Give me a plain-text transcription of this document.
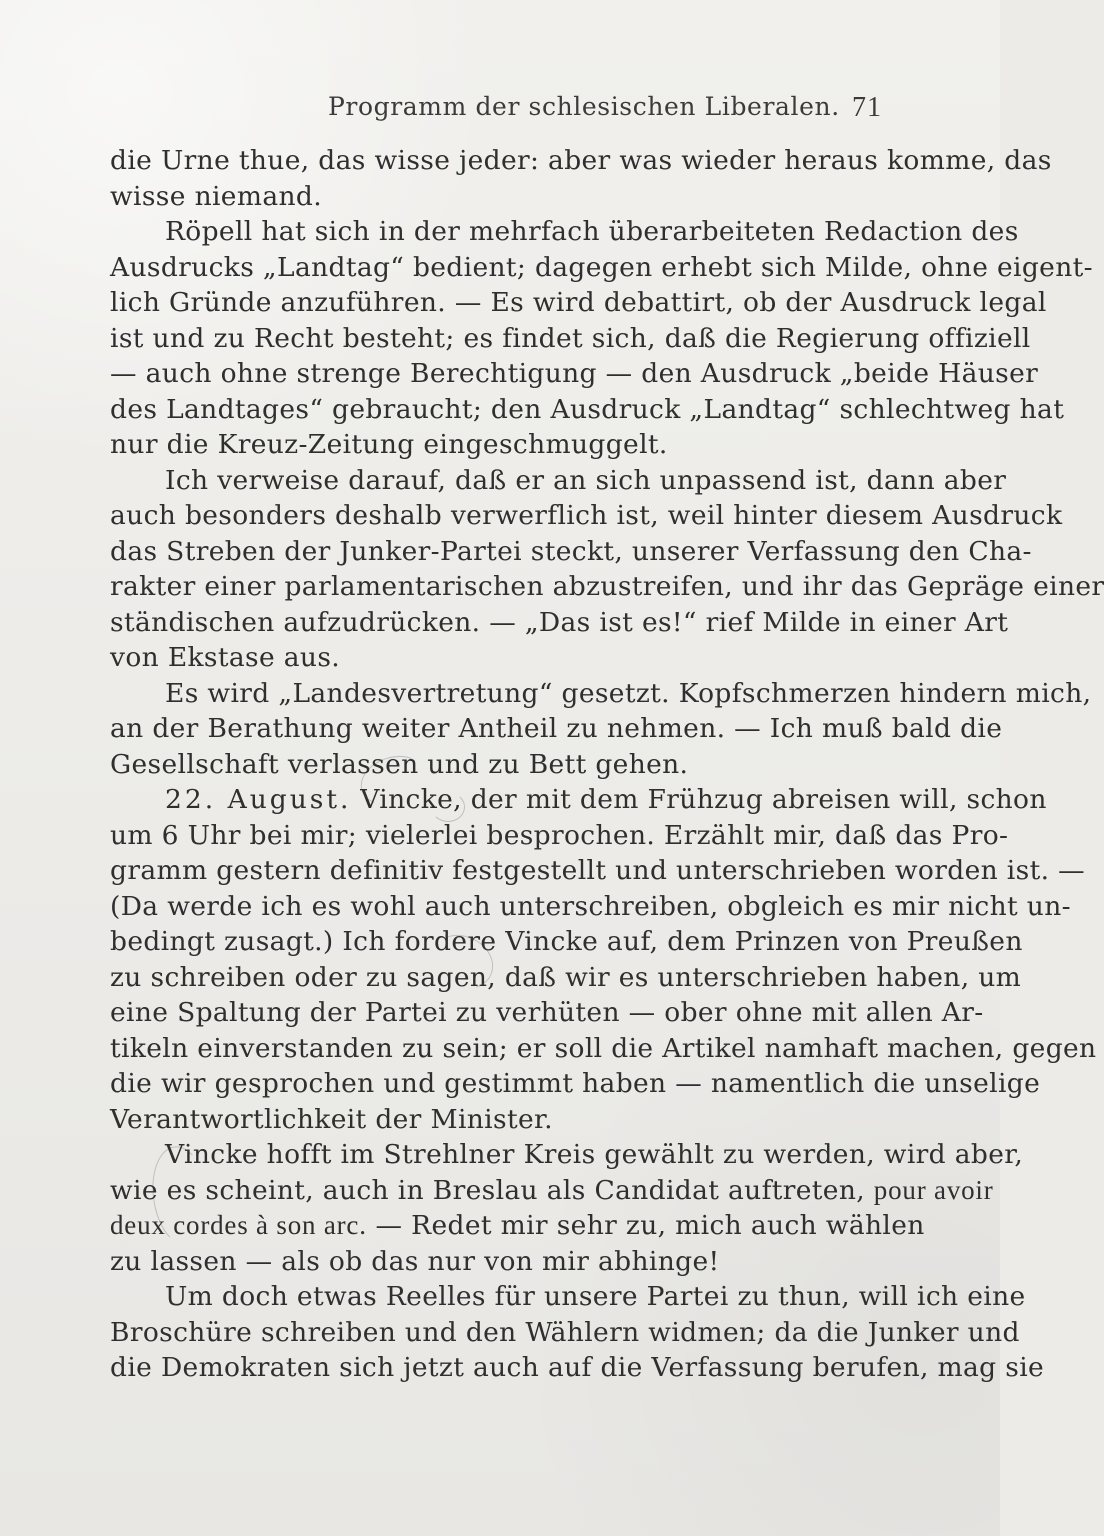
Programm der schlesischen Liberalen. 71
die Urne thue, das wisse jeder: aber was wieder heraus komme, das
wisse niemand.
Röpell hat sich in der mehrfach überarbeiteten Redaction des
Ausdrucks „Landtag“ bedient; dagegen erhebt sich Milde, ohne eigent-
lich Gründe anzuführen. — Es wird debattirt, ob der Ausdruck legal
ist und zu Recht besteht; es findet sich, daß die Regierung offiziell
— auch ohne strenge Berechtigung — den Ausdruck „beide Häuser
des Landtages“ gebraucht; den Ausdruck „Landtag“ schlechtweg hat
nur die Kreuz-Zeitung eingeschmuggelt.
Ich verweise darauf, daß er an sich unpassend ist, dann aber
auch besonders deshalb verwerflich ist, weil hinter diesem Ausdruck
das Streben der Junker-Partei steckt, unserer Verfassung den Cha-
rakter einer parlamentarischen abzustreifen, und ihr das Gepräge einer
ständischen aufzudrücken. — „Das ist es!“ rief Milde in einer Art
von Ekstase aus.
Es wird „Landesvertretung“ gesetzt. Kopfschmerzen hindern mich,
an der Berathung weiter Antheil zu nehmen. — Ich muß bald die
Gesellschaft verlassen und zu Bett gehen.
22. August. Vincke, der mit dem Frühzug abreisen will, schon
um 6 Uhr bei mir; vielerlei besprochen. Erzählt mir, daß das Pro-
gramm gestern definitiv festgestellt und unterschrieben worden ist. —
(Da werde ich es wohl auch unterschreiben, obgleich es mir nicht un-
bedingt zusagt.) Ich fordere Vincke auf, dem Prinzen von Preußen
zu schreiben oder zu sagen, daß wir es unterschrieben haben, um
eine Spaltung der Partei zu verhüten — ober ohne mit allen Ar-
tikeln einverstanden zu sein; er soll die Artikel namhaft machen, gegen
die wir gesprochen und gestimmt haben — namentlich die unselige
Verantwortlichkeit der Minister.
Vincke hofft im Strehlner Kreis gewählt zu werden, wird aber,
wie es scheint, auch in Breslau als Candidat auftreten, pour avoir
deux cordes à son arc. — Redet mir sehr zu, mich auch wählen
zu lassen — als ob das nur von mir abhinge!
Um doch etwas Reelles für unsere Partei zu thun, will ich eine
Broschüre schreiben und den Wählern widmen; da die Junker und
die Demokraten sich jetzt auch auf die Verfassung berufen, mag sie
